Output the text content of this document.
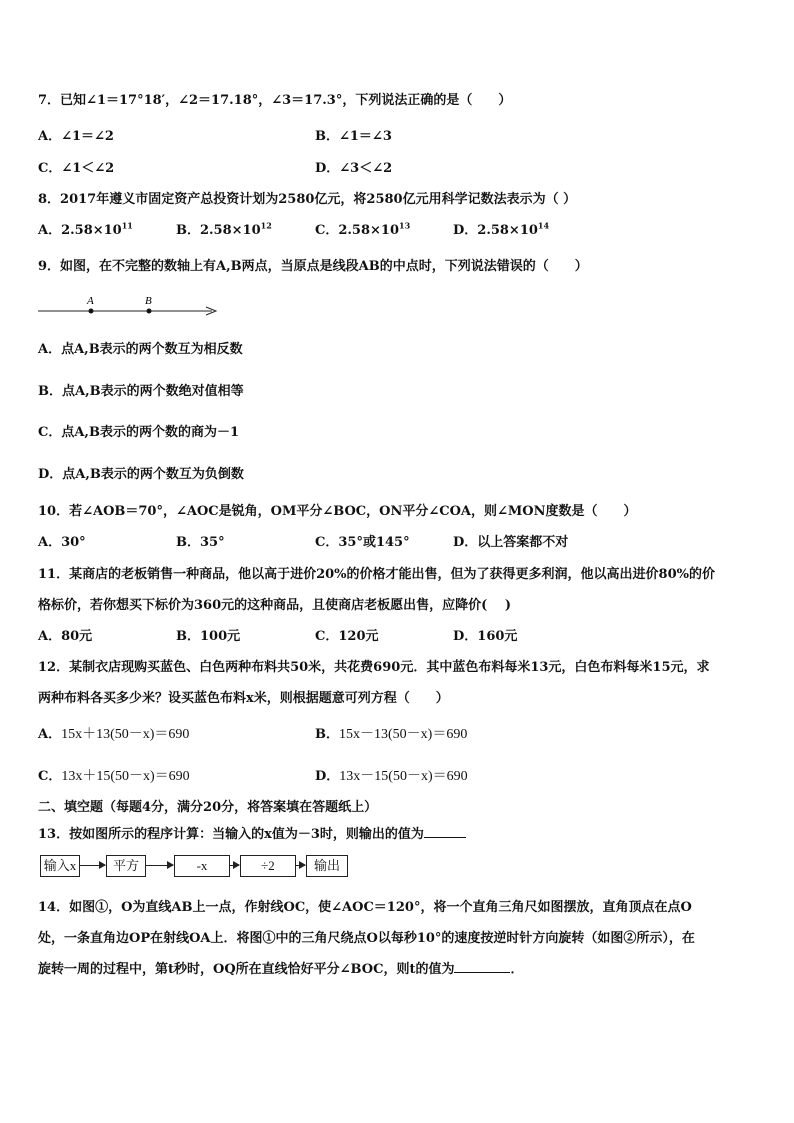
7．已知∠1＝17°18′，∠2＝17.18°，∠3＝17.3°，下列说法正确的是（　　）
A．∠1＝∠2	B．∠1＝∠3
C．∠1＜∠2	D．∠3＜∠2
8．2017年遵义市固定资产总投资计划为2580亿元，将2580亿元用科学记数法表示为（ ）
A．$2.58\times 10^{11}$	B．$2.58\times 10^{12}$	C．$2.58\times 10^{13}$	D．$2.58\times 10^{14}$
9．如图，在不完整的数轴上有A,B两点，当原点是线段AB的中点时，下列说法错误的（　　）
A	B
A．点A,B表示的两个数互为相反数
B．点A,B表示的两个数绝对值相等
C．点A,B表示的两个数的商为－1
D．点A,B表示的两个数互为负倒数
10．若∠AOB＝70°，∠AOC是锐角，OM平分∠BOC，ON平分∠COA，则∠MON度数是（　　）
A．30°	B．35°	C．35°或145°	D．以上答案都不对
11．某商店的老板销售一种商品，他以高于进价20%的价格才能出售，但为了获得更多利润，他以高出进价80%的价
格标价，若你想买下标价为360元的这种商品，且使商店老板愿出售，应降价(　 )
A．80元	B．100元	C．120元	D．160元
12．某制衣店现购买蓝色、白色两种布料共50米，共花费690元．其中蓝色布料每米13元，白色布料每米15元，求
两种布料各买多少米？设买蓝色布料x米，则根据题意可列方程（　　）
A．15x＋13(50－x)＝690	B．15x－13(50－x)＝690
C．13x＋15(50－x)＝690	D．13x－15(50－x)＝690
二、填空题（每题4分，满分20分，将答案填在答题纸上）
13．按如图所示的程序计算：当输入的x值为－3时，则输出的值为
输入x	平方	-x	÷2	输出
14．如图①，O为直线AB上一点，作射线OC，使∠AOC＝120°，将一个直角三角尺如图摆放，直角顶点在点O
处，一条直角边OP在射线OA上．将图①中的三角尺绕点O以每秒10°的速度按逆时针方向旋转（如图②所示），在
旋转一周的过程中，第t秒时，OQ所在直线恰好平分∠BOC，则t的值为	．
